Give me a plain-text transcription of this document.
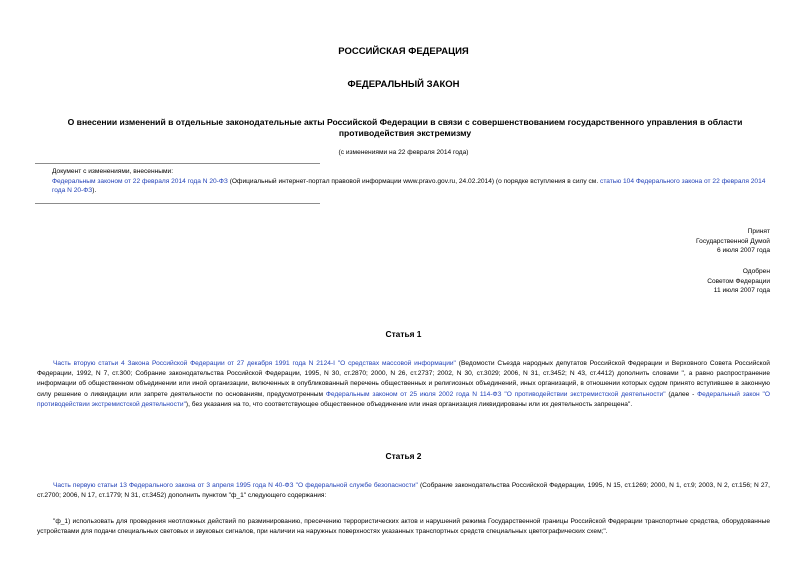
РОССИЙСКАЯ ФЕДЕРАЦИЯ
ФЕДЕРАЛЬНЫЙ ЗАКОН
О внесении изменений в отдельные законодательные акты Российской Федерации в связи с совершенствованием государственного управления в области противодействия экстремизму
(с изменениями на 22 февраля 2014 года)
Документ с изменениями, внесенными:
Федеральным законом от 22 февраля 2014 года N 20-ФЗ (Официальный интернет-портал правовой информации www.pravo.gov.ru, 24.02.2014) (о порядке вступления в силу см. статью 104 Федерального закона от 22 февраля 2014 года N 20-ФЗ).
Принят
Государственной Думой
6 июля 2007 года
Одобрен
Советом Федерации
11 июля 2007 года
Статья 1
Часть вторую статьи 4 Закона Российской Федерации от 27 декабря 1991 года N 2124-I "О средствах массовой информации" (Ведомости Съезда народных депутатов Российской Федерации и Верховного Совета Российской Федерации, 1992, N 7, ст.300; Собрание законодательства Российской Федерации, 1995, N 30, ст.2870; 2000, N 26, ст.2737; 2002, N 30, ст.3029; 2006, N 31, ст.3452; N 43, ст.4412) дополнить словами ", а равно распространение информации об общественном объединении или иной организации, включенных в опубликованный перечень общественных и религиозных объединений, иных организаций, в отношении которых судом принято вступившее в законную силу решение о ликвидации или запрете деятельности по основаниям, предусмотренным Федеральным законом от 25 июля 2002 года N 114-ФЗ "О противодействии экстремистской деятельности" (далее - Федеральный закон "О противодействии экстремистской деятельности"), без указания на то, что соответствующее общественное объединение или иная организация ликвидированы или их деятельность запрещена".
Статья 2
Часть первую статьи 13 Федерального закона от 3 апреля 1995 года N 40-ФЗ "О федеральной службе безопасности" (Собрание законодательства Российской Федерации, 1995, N 15, ст.1269; 2000, N 1, ст.9; 2003, N 2, ст.156; N 27, ст.2700; 2006, N 17, ст.1779; N 31, ст.3452) дополнить пунктом "ф_1" следующего содержания:
"ф_1) использовать для проведения неотложных действий по разминированию, пресечению террористических актов и нарушений режима Государственной границы Российской Федерации транспортные средства, оборудованные устройствами для подачи специальных световых и звуковых сигналов, при наличии на наружных поверхностях указанных транспортных средств специальных цветографических схем;".
